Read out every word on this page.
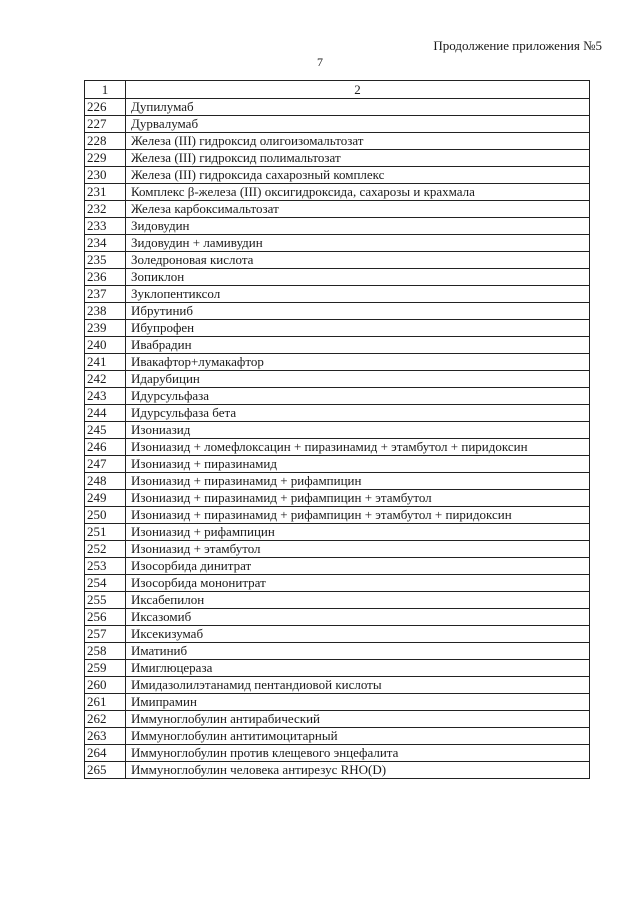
Продолжение приложения №5
7
1	2
226	Дупилумаб
227	Дурвалумаб
228	Железа (III) гидроксид олигоизомальтозат
229	Железа (III) гидроксид полимальтозат
230	Железа (III) гидроксида сахарозный комплекс
231	Комплекс β-железа (III) оксигидроксида, сахарозы и крахмала
232	Железа карбоксимальтозат
233	Зидовудин
234	Зидовудин + ламивудин
235	Золедроновая кислота
236	Зопиклон
237	Зуклопентиксол
238	Ибрутиниб
239	Ибупрофен
240	Ивабрадин
241	Ивакафтор+лумакафтор
242	Идарубицин
243	Идурсульфаза
244	Идурсульфаза бета
245	Изониазид
246	Изониазид + ломефлоксацин + пиразинамид + этамбутол + пиридоксин
247	Изониазид + пиразинамид
248	Изониазид + пиразинамид + рифампицин
249	Изониазид + пиразинамид + рифампицин + этамбутол
250	Изониазид + пиразинамид + рифампицин + этамбутол + пиридоксин
251	Изониазид + рифампицин
252	Изониазид + этамбутол
253	Изосорбида динитрат
254	Изосорбида мононитрат
255	Иксабепилон
256	Иксазомиб
257	Иксекизумаб
258	Иматиниб
259	Имиглюцераза
260	Имидазолилэтанамид пентандиовой кислоты
261	Имипрамин
262	Иммуноглобулин антирабический
263	Иммуноглобулин антитимоцитарный
264	Иммуноглобулин против клещевого энцефалита
265	Иммуноглобулин человека антирезус RHO(D)
